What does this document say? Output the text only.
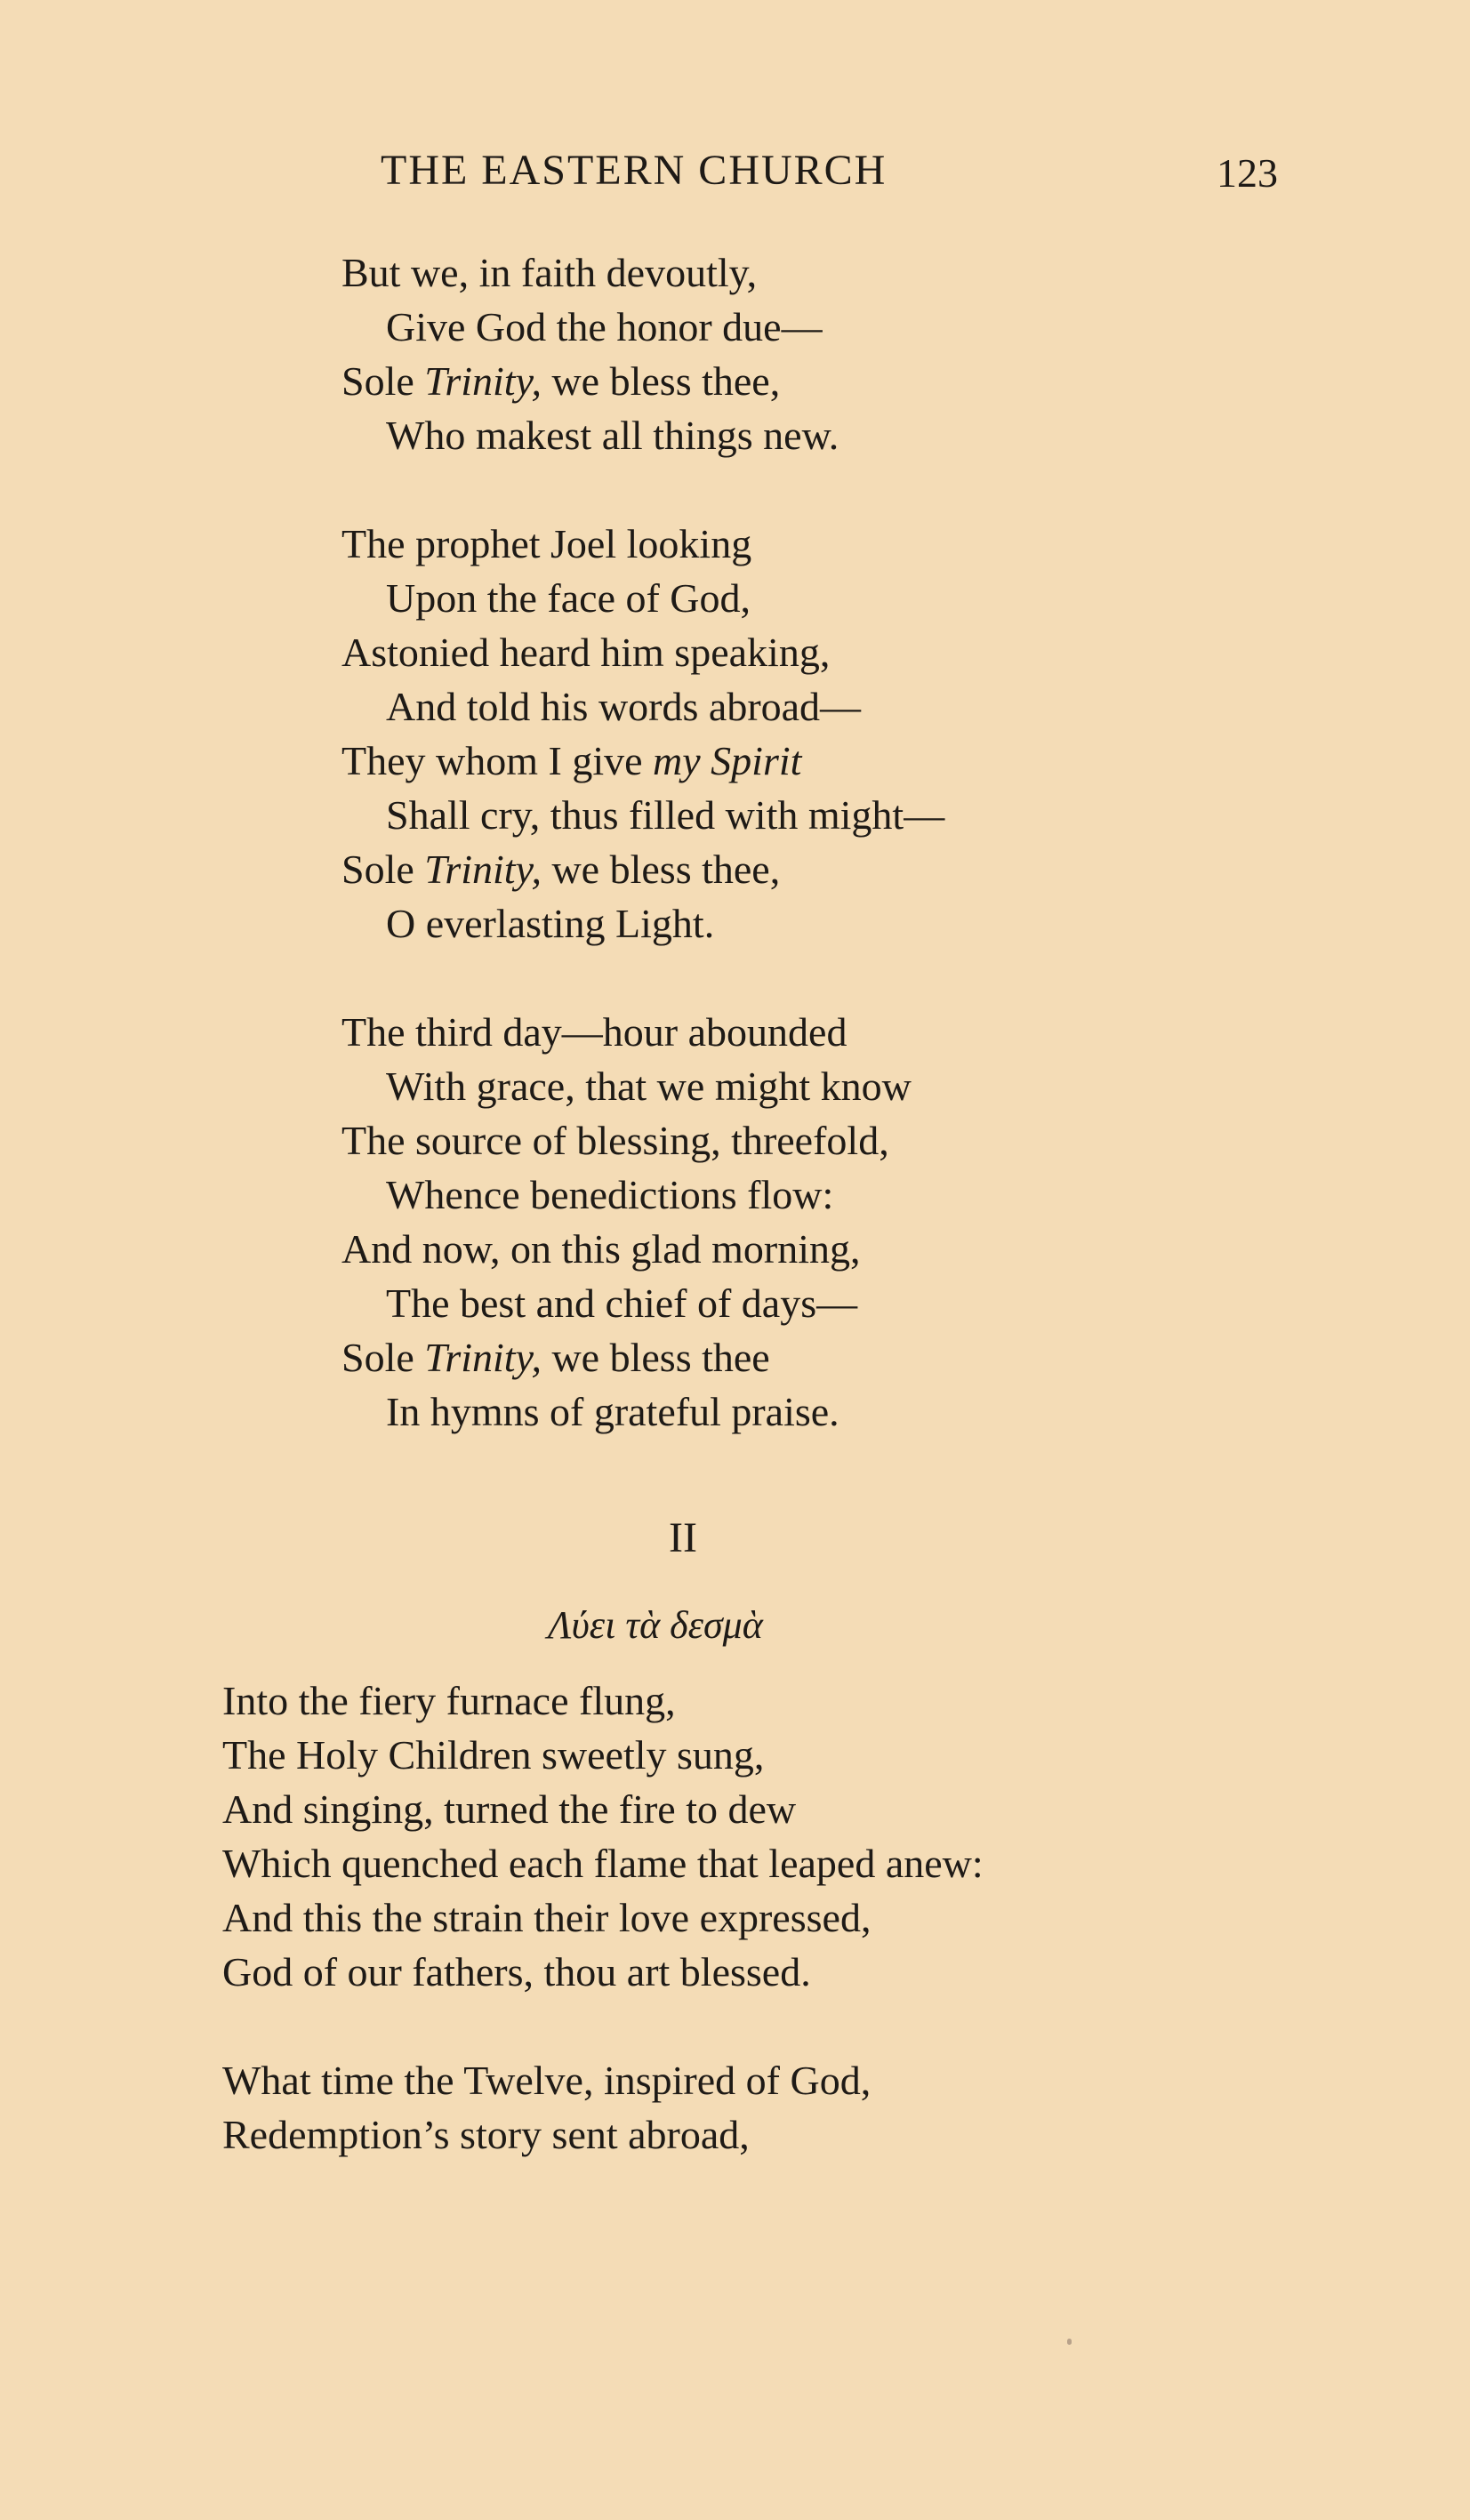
THE EASTERN CHURCH	123
But we, in faith devoutly,
Give God the honor due—
Sole Trinity, we bless thee,
Who makest all things new.
The prophet Joel looking
Upon the face of God,
Astonied heard him speaking,
And told his words abroad—
They whom I give my Spirit
Shall cry, thus filled with might—
Sole Trinity, we bless thee,
O everlasting Light.
The third day—hour abounded
With grace, that we might know
The source of blessing, threefold,
Whence benedictions flow:
And now, on this glad morning,
The best and chief of days—
Sole Trinity, we bless thee
In hymns of grateful praise.
II
Λύει τὰ δεσμὰ
Into the fiery furnace flung,
The Holy Children sweetly sung,
And singing, turned the fire to dew
Which quenched each flame that leaped anew:
And this the strain their love expressed,
God of our fathers, thou art blessed.
What time the Twelve, inspired of God,
Redemption’s story sent abroad,
